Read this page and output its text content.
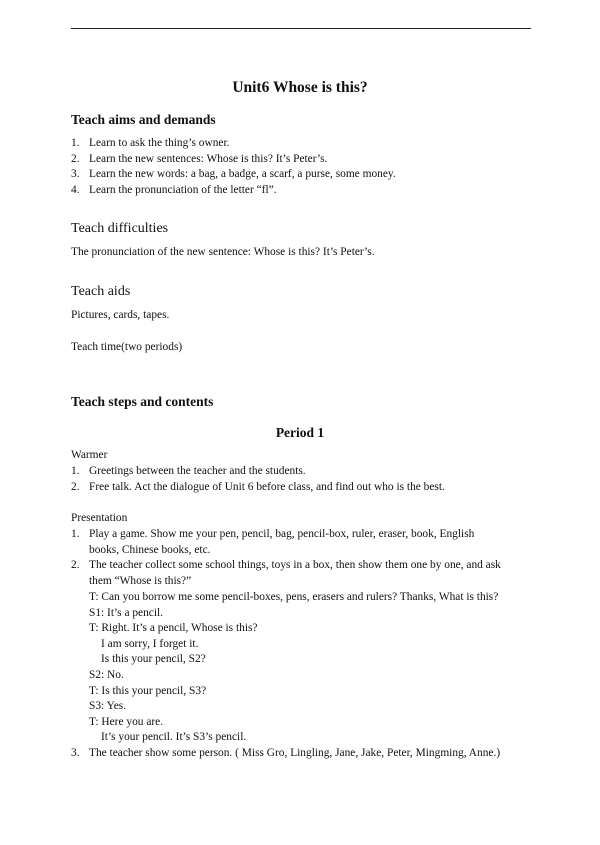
Unit6 Whose is this?
Teach aims and demands
1. Learn to ask the thing’s owner.
2. Learn the new sentences: Whose is this? It’s Peter’s.
3. Learn the new words: a bag, a badge, a scarf, a purse, some money.
4. Learn the pronunciation of the letter “fl”.
Teach difficulties
The pronunciation of the new sentence: Whose is this? It’s Peter’s.
Teach aids
Pictures, cards, tapes.
Teach time(two periods)
Teach steps and contents
Period 1
Warmer
1. Greetings between the teacher and the students.
2. Free talk. Act the dialogue of Unit 6 before class, and find out who is the best.
Presentation
1. Play a game. Show me your pen, pencil, bag, pencil-box, ruler, eraser, book, English
books, Chinese books, etc.
2. The teacher collect some school things, toys in a box, then show them one by one, and ask
them “Whose is this?”
T: Can you borrow me some pencil-boxes, pens, erasers and rulers? Thanks, What is this?
S1: It’s a pencil.
T: Right. It’s a pencil, Whose is this?
I am sorry, I forget it.
Is this your pencil, S2?
S2: No.
T: Is this your pencil, S3?
S3: Yes.
T: Here you are.
It’s your pencil. It’s S3’s pencil.
3. The teacher show some person. ( Miss Gro, Lingling, Jane, Jake, Peter, Mingming, Anne.)
